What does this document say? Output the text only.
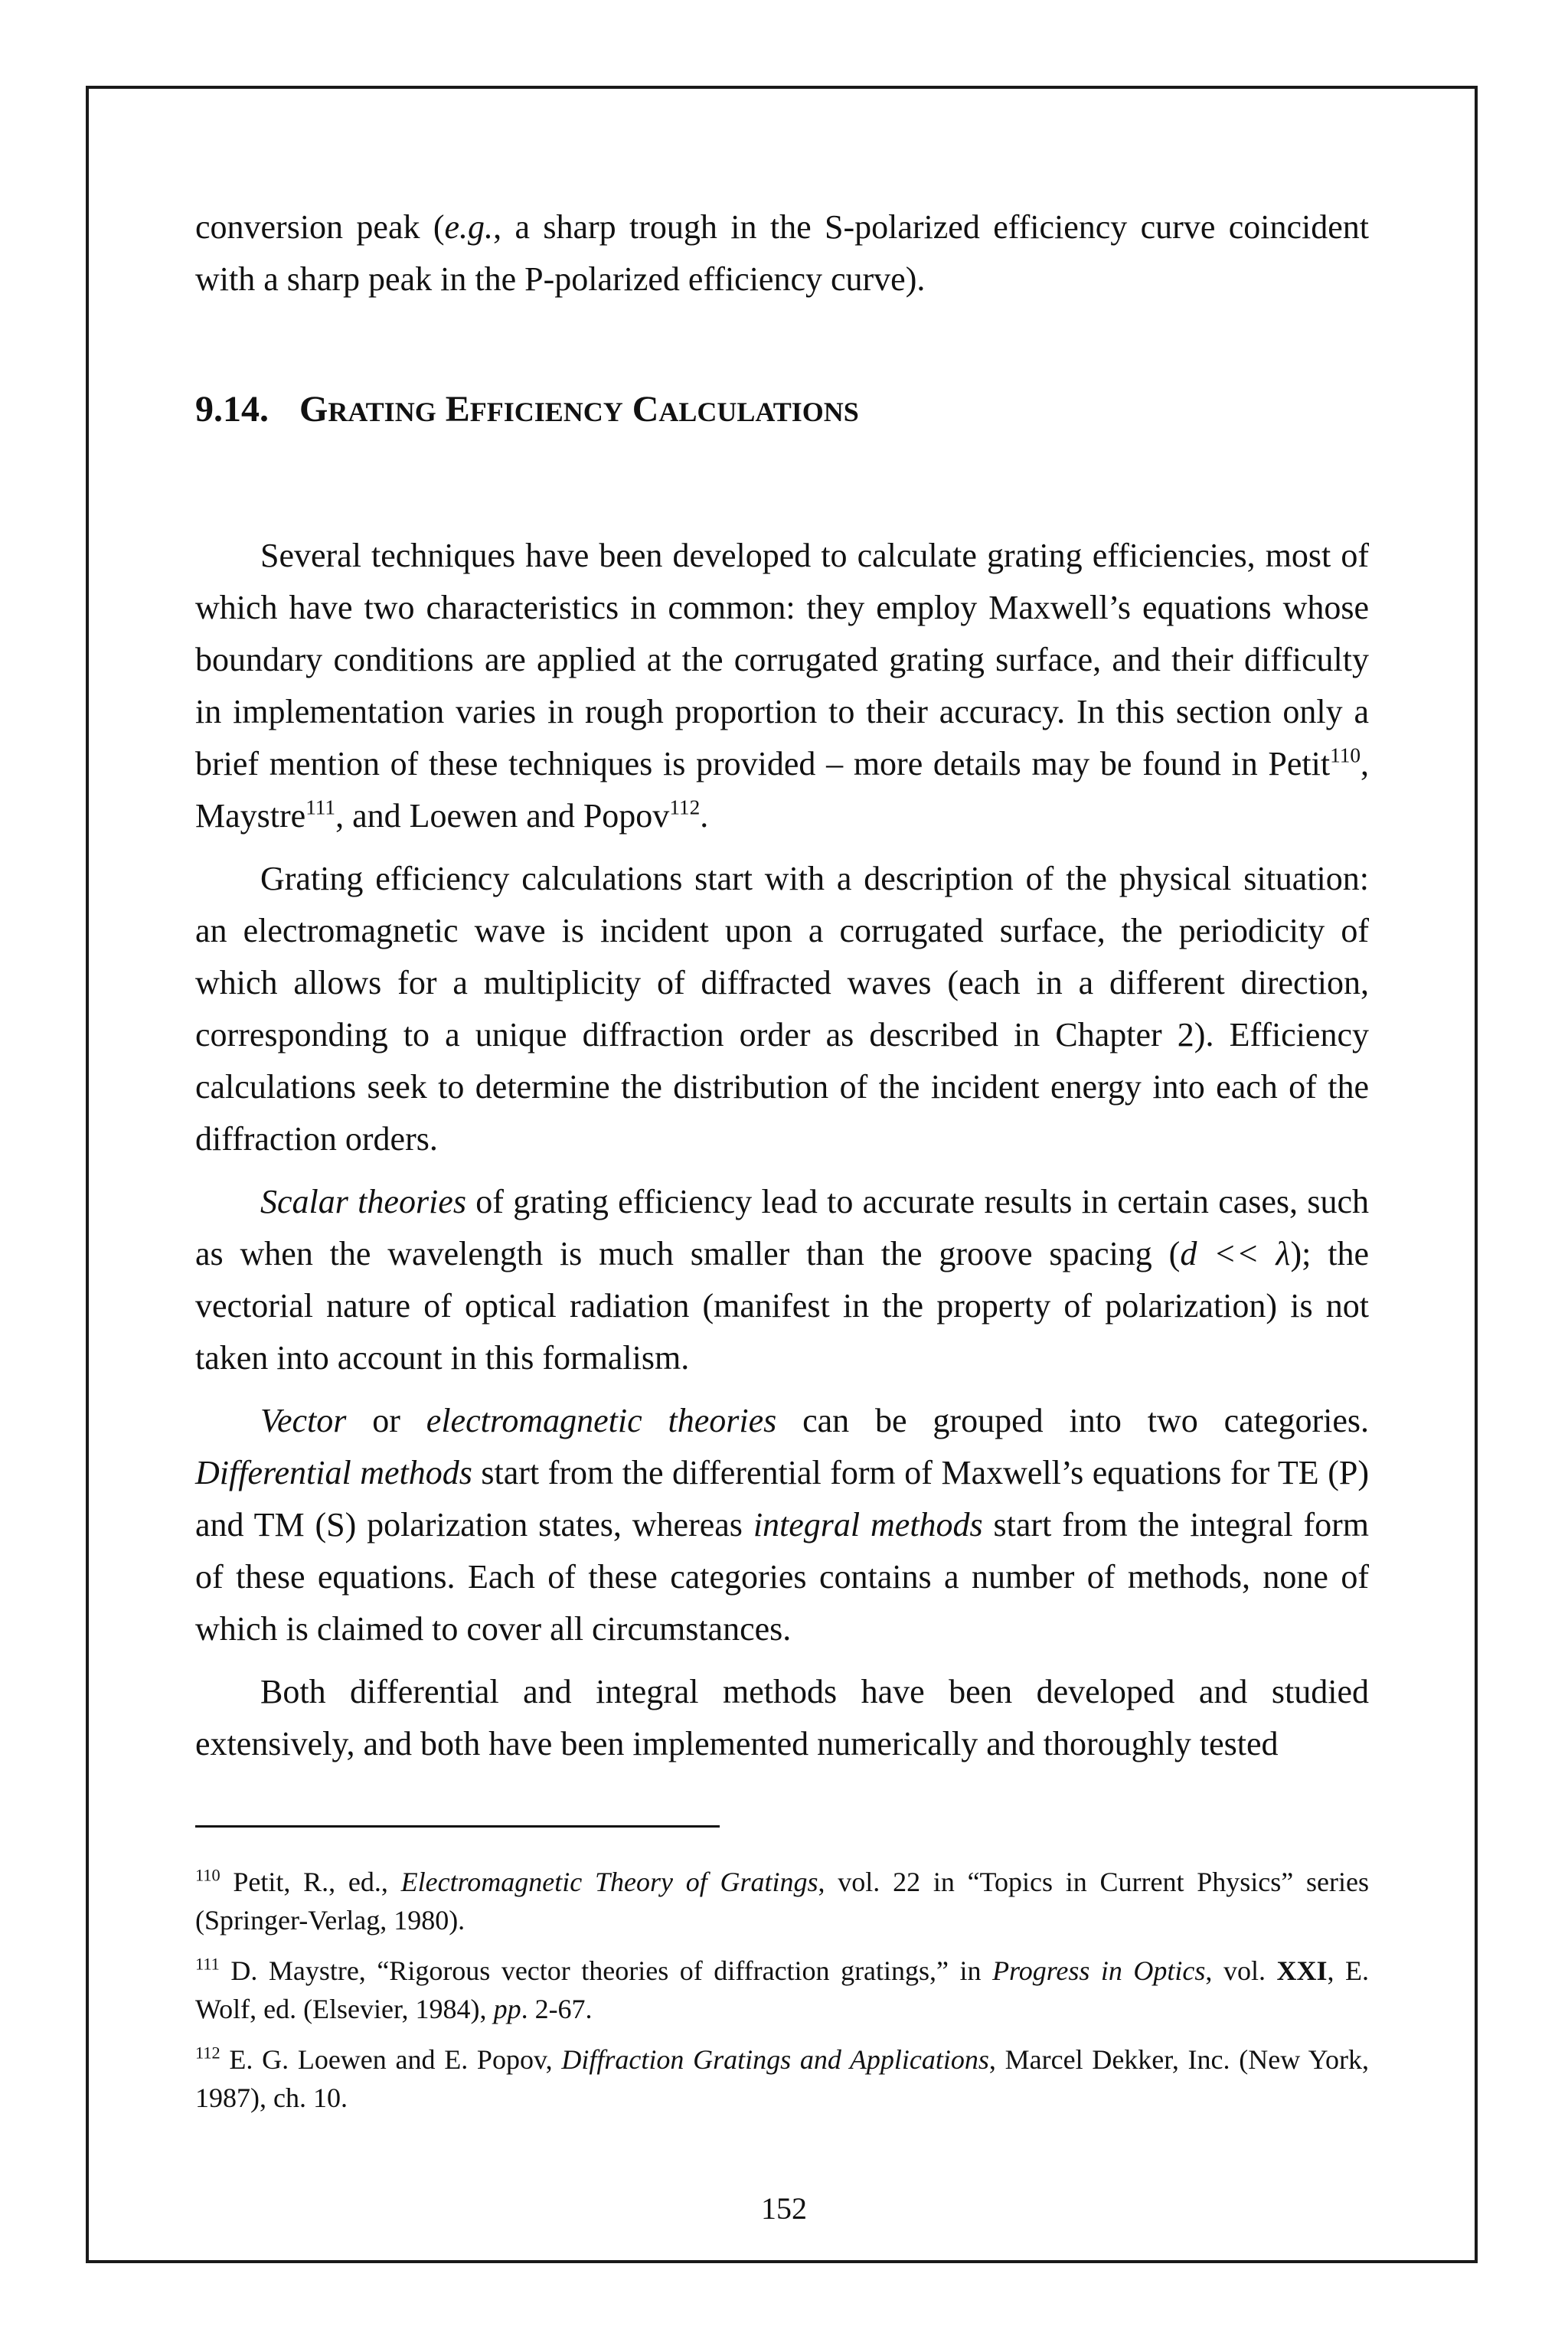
conversion peak (e.g., a sharp trough in the S-polarized efficiency curve coincident with a sharp peak in the P-polarized efficiency curve).

9.14. GRATING EFFICIENCY CALCULATIONS

Several techniques have been developed to calculate grating efficiencies, most of which have two characteristics in common: they employ Maxwell’s equations whose boundary conditions are applied at the corrugated grating surface, and their difficulty in implementation varies in rough proportion to their accuracy. In this section only a brief mention of these techniques is provided – more details may be found in Petit$^{110}$, Maystre$^{111}$, and Loewen and Popov$^{112}$.

Grating efficiency calculations start with a description of the physical situation: an electromagnetic wave is incident upon a corrugated surface, the periodicity of which allows for a multiplicity of diffracted waves (each in a different direction, corresponding to a unique diffraction order as described in Chapter 2). Efficiency calculations seek to determine the distribution of the incident energy into each of the diffraction orders.

Scalar theories of grating efficiency lead to accurate results in certain cases, such as when the wavelength is much smaller than the groove spacing (d << λ); the vectorial nature of optical radiation (manifest in the property of polarization) is not taken into account in this formalism.

Vector or electromagnetic theories can be grouped into two categories. Differential methods start from the differential form of Maxwell’s equations for TE (P) and TM (S) polarization states, whereas integral methods start from the integral form of these equations. Each of these categories contains a number of methods, none of which is claimed to cover all circumstances.

Both differential and integral methods have been developed and studied extensively, and both have been implemented numerically and thoroughly tested

$^{110}$ Petit, R., ed., Electromagnetic Theory of Gratings, vol. 22 in “Topics in Current Physics” series (Springer-Verlag, 1980).

$^{111}$ D. Maystre, “Rigorous vector theories of diffraction gratings,” in Progress in Optics, vol. XXI, E. Wolf, ed. (Elsevier, 1984), pp. 2-67.

$^{112}$ E. G. Loewen and E. Popov, Diffraction Gratings and Applications, Marcel Dekker, Inc. (New York, 1987), ch. 10.

152
